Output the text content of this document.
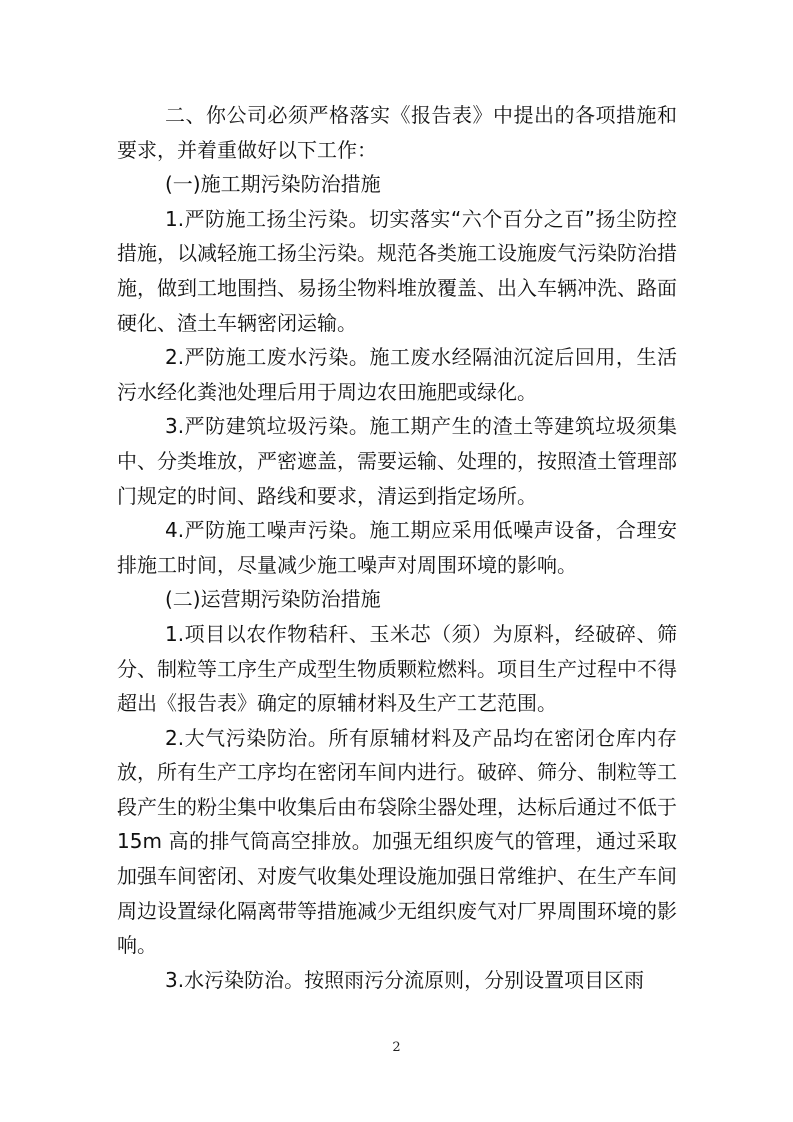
二、你公司必须严格落实《报告表》中提出的各项措施和要求，并着重做好以下工作：

(一)施工期污染防治措施

1.严防施工扬尘污染。切实落实“六个百分之百”扬尘防控措施，以减轻施工扬尘污染。规范各类施工设施废气污染防治措施，做到工地围挡、易扬尘物料堆放覆盖、出入车辆冲洗、路面硬化、渣土车辆密闭运输。

2.严防施工废水污染。施工废水经隔油沉淀后回用，生活污水经化粪池处理后用于周边农田施肥或绿化。

3.严防建筑垃圾污染。施工期产生的渣土等建筑垃圾须集中、分类堆放，严密遮盖，需要运输、处理的，按照渣土管理部门规定的时间、路线和要求，清运到指定场所。

4.严防施工噪声污染。施工期应采用低噪声设备，合理安排施工时间，尽量减少施工噪声对周围环境的影响。

(二)运营期污染防治措施

1.项目以农作物秸秆、玉米芯（须）为原料，经破碎、筛分、制粒等工序生产成型生物质颗粒燃料。项目生产过程中不得超出《报告表》确定的原辅材料及生产工艺范围。

2.大气污染防治。所有原辅材料及产品均在密闭仓库内存放，所有生产工序均在密闭车间内进行。破碎、筛分、制粒等工段产生的粉尘集中收集后由布袋除尘器处理，达标后通过不低于 15m 高的排气筒高空排放。加强无组织废气的管理，通过采取加强车间密闭、对废气收集处理设施加强日常维护、在生产车间周边设置绿化隔离带等措施减少无组织废气对厂界周围环境的影响。

3.水污染防治。按照雨污分流原则，分别设置项目区雨

2
